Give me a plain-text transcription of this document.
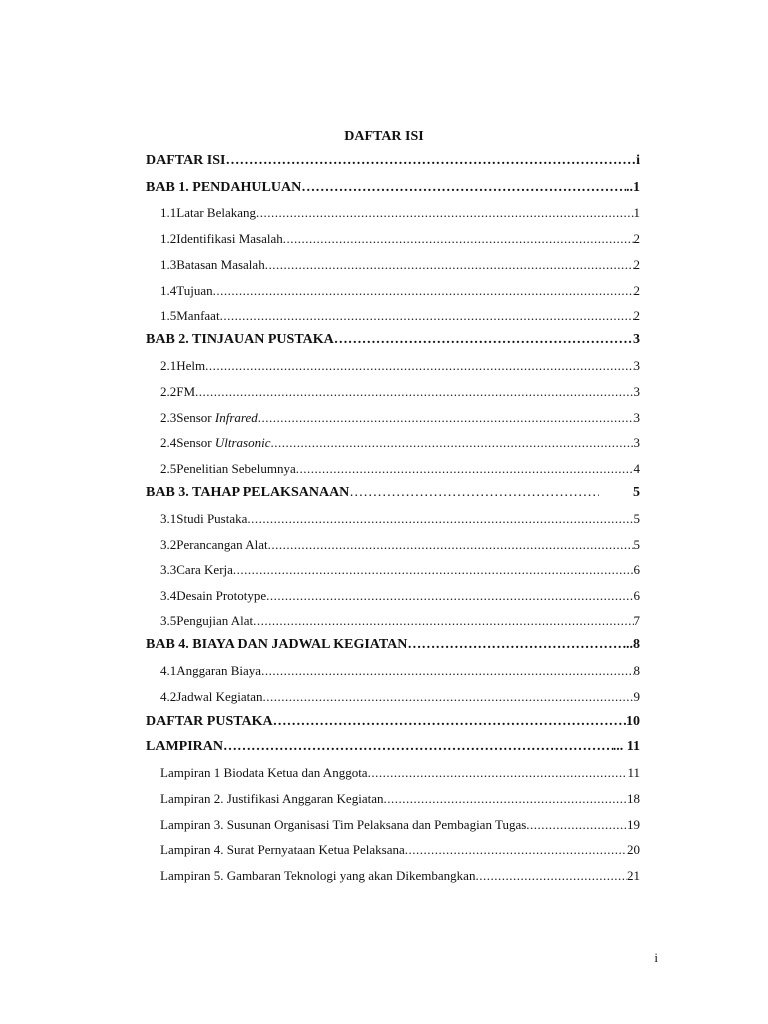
DAFTAR ISI
DAFTAR ISI …………………………………………………………………………………………………………………………………………………………………………………………………………………………………………………………………………………………………………………………………………………	i
BAB 1. PENDAHULUAN …………………………………………………………………………………………………………………………………………………………………………………………………………………………………………………………………………………………………………………………………………………	..1
1.1 Latar Belakang .....	1
1.2 Identifikasi Masalah .....	2
1.3 Batasan Masalah .....	2
1.4 Tujuan .....	2
1.5 Manfaat .....	2
BAB 2. TINJAUAN PUSTAKA …………………………………………………………………………………………………………………………………………………………………………………………………………………………………………………………………………………………………………………………………………………	3
2.1 Helm .....	3
2.2 FM .....	3
2.3 Sensor Infrared .....	3
2.4 Sensor Ultrasonic .....	3
2.5 Penelitian Sebelumnya .....	4
BAB 3. TAHAP PELAKSANAAN …………………………………………………………………………………………………………………………………………………………………………………………………………………………………………………………………………………………………………………………………………………	5
3.1 Studi Pustaka .....	5
3.2 Perancangan Alat .....	5
3.3 Cara Kerja .....	6
3.4 Desain Prototype .....	6
3.5 Pengujian Alat .....	7
BAB 4. BIAYA DAN JADWAL KEGIATAN …………………………………………………………………………………………………………………………………………………………………………………………………………………………………………………………………………………………………………………………………………………	..8
4.1 Anggaran Biaya .....	8
4.2 Jadwal Kegiatan .....	9
DAFTAR PUSTAKA …………………………………………………………………………………………………………………………………………………………………………………………………………………………………………………………………………………………………………………………………………………	10
LAMPIRAN …………………………………………………………………………………………………………………………………………………………………………………………………………………………………………………………………………………………………………………………………………………	... 11
Lampiran 1 Biodata Ketua dan Anggota .....	11
Lampiran 2. Justifikasi Anggaran Kegiatan .....	18
Lampiran 3. Susunan Organisasi Tim Pelaksana dan Pembagian Tugas .....	19
Lampiran 4. Surat Pernyataan Ketua Pelaksana .....	20
Lampiran 5. Gambaran Teknologi yang akan Dikembangkan .....	21
i
